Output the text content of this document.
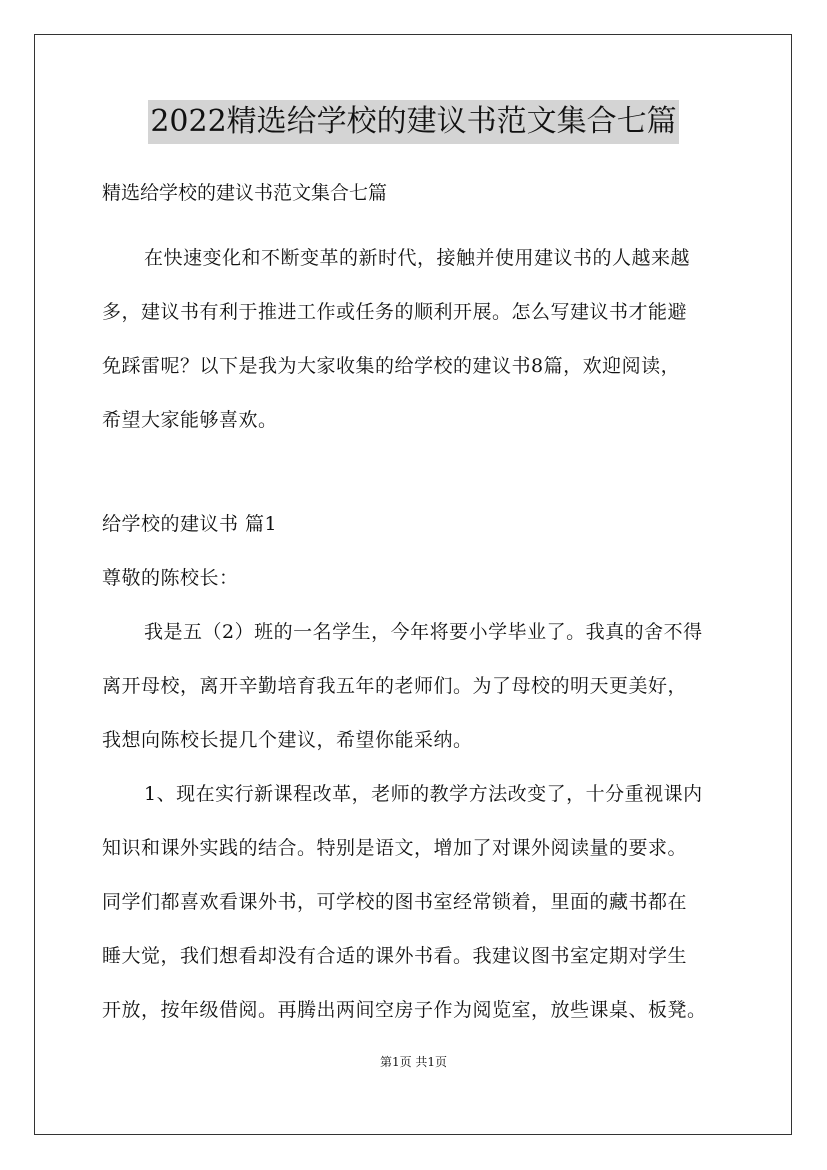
2022精选给学校的建议书范文集合七篇
精选给学校的建议书范文集合七篇

在快速变化和不断变革的新时代，接触并使用建议书的人越来越

多，建议书有利于推进工作或任务的顺利开展。怎么写建议书才能避

免踩雷呢？以下是我为大家收集的给学校的建议书8篇，欢迎阅读，

希望大家能够喜欢。

给学校的建议书 篇1

尊敬的陈校长：

我是五（2）班的一名学生，今年将要小学毕业了。我真的舍不得

离开母校，离开辛勤培育我五年的老师们。为了母校的明天更美好，

我想向陈校长提几个建议，希望你能采纳。

1、现在实行新课程改革，老师的教学方法改变了，十分重视课内

知识和课外实践的结合。特别是语文，增加了对课外阅读量的要求。

同学们都喜欢看课外书，可学校的图书室经常锁着，里面的藏书都在

睡大觉，我们想看却没有合适的课外书看。我建议图书室定期对学生

开放，按年级借阅。再腾出两间空房子作为阅览室，放些课桌、板凳。

第1页 共1页
